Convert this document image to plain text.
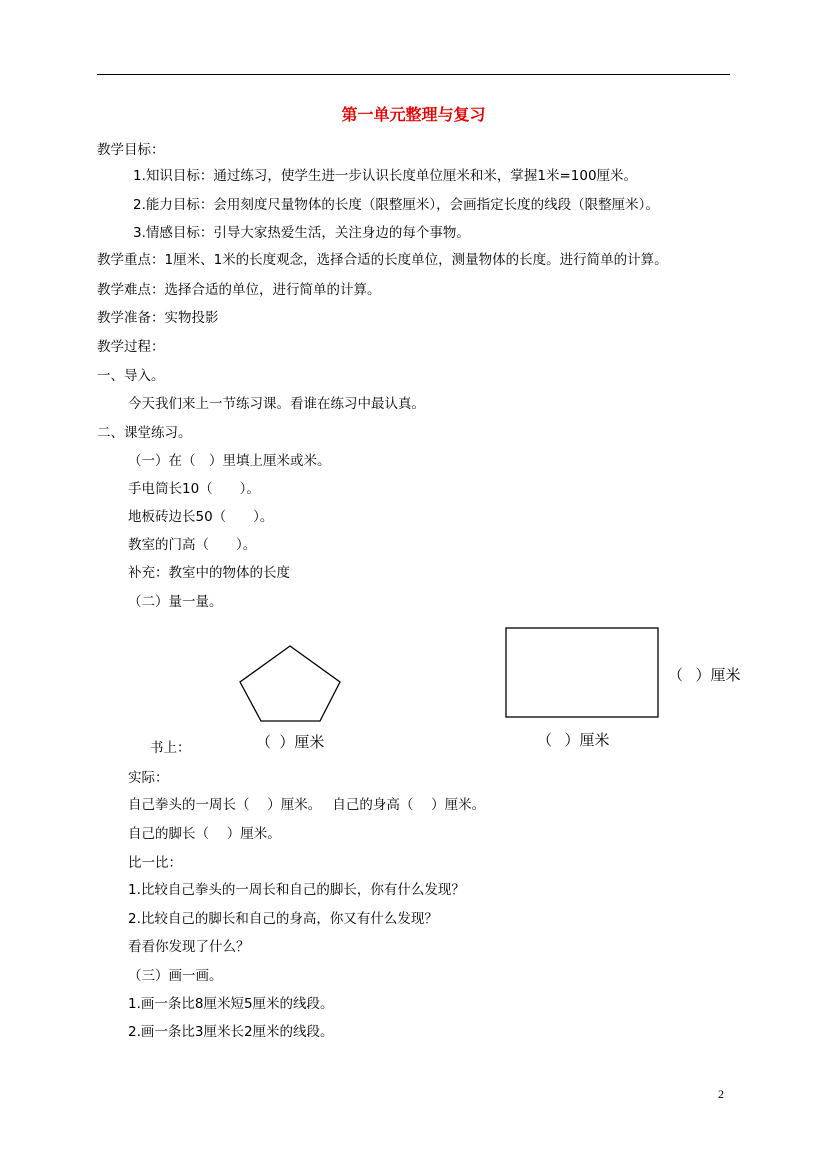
第一单元整理与复习
教学目标：
1.知识目标：通过练习，使学生进一步认识长度单位厘米和米，掌握1米=100厘米。
2.能力目标：会用刻度尺量物体的长度（限整厘米），会画指定长度的线段（限整厘米）。
3.情感目标：引导大家热爱生活，关注身边的每个事物。
教学重点：1厘米、1米的长度观念，选择合适的长度单位，测量物体的长度。进行简单的计算。
教学难点：选择合适的单位，进行简单的计算。
教学准备：实物投影
教学过程：
一、导入。
今天我们来上一节练习课。看谁在练习中最认真。
二、课堂练习。
（一）在（　）里填上厘米或米。
手电筒长10（　　）。
地板砖边长50（　　）。
教室的门高（　　）。
补充：教室中的物体的长度
（二）量一量。
实际：
自己拳头的一周长（　 ）厘米。　 自己的身高（　 ）厘米。
自己的脚长（　 ）厘米。
比一比：
1.比较自己拳头的一周长和自己的脚长，你有什么发现？
2.比较自己的脚长和自己的身高，你又有什么发现？
看看你发现了什么？
（三）画一画。
1.画一条比8厘米短5厘米的线段。
2.画一条比3厘米长2厘米的线段。
书上：	（  ）厘米	（   ）厘米
（   ）厘米
2
